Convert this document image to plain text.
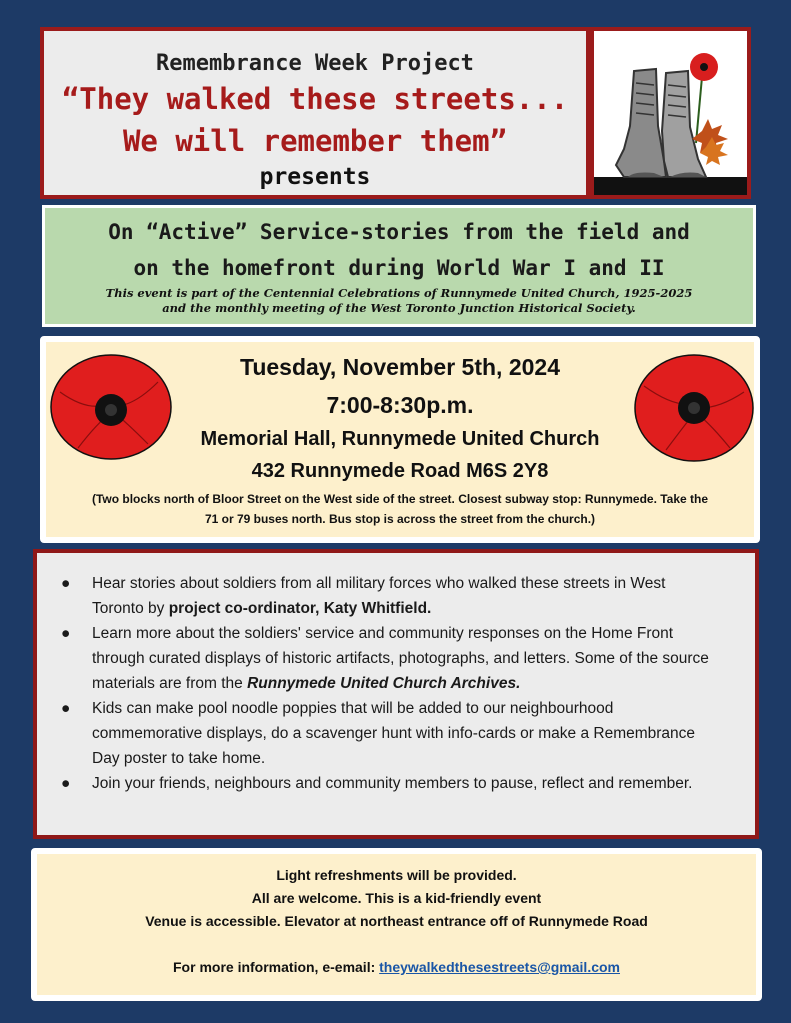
Remembrance Week Project
“They walked these streets...
We will remember them”
presents
On “Active” Service-stories from the field and
on the homefront during World War I and II
This event is part of the Centennial Celebrations of Runnymede United Church, 1925-2025
and the monthly meeting of the West Toronto Junction Historical Society.
Tuesday, November 5th, 2024
7:00-8:30p.m.
Memorial Hall, Runnymede United Church
432 Runnymede Road M6S 2Y8
(Two blocks north of Bloor Street on the West side of the street. Closest subway stop: Runnymede. Take the 71 or 79 buses north. Bus stop is across the street from the church.)
● Hear stories about soldiers from all military forces who walked these streets in West Toronto by project co-ordinator, Katy Whitfield.
● Learn more about the soldiers' service and community responses on the Home Front through curated displays of historic artifacts, photographs, and letters. Some of the source materials are from the Runnymede United Church Archives.
● Kids can make pool noodle poppies that will be added to our neighbourhood commemorative displays, do a scavenger hunt with info-cards or make a Remembrance Day poster to take home.
● Join your friends, neighbours and community members to pause, reflect and remember.
Light refreshments will be provided.
All are welcome. This is a kid-friendly event
Venue is accessible. Elevator at northeast entrance off of Runnymede Road
For more information, e-email: theywalkedthesestreets@gmail.com
